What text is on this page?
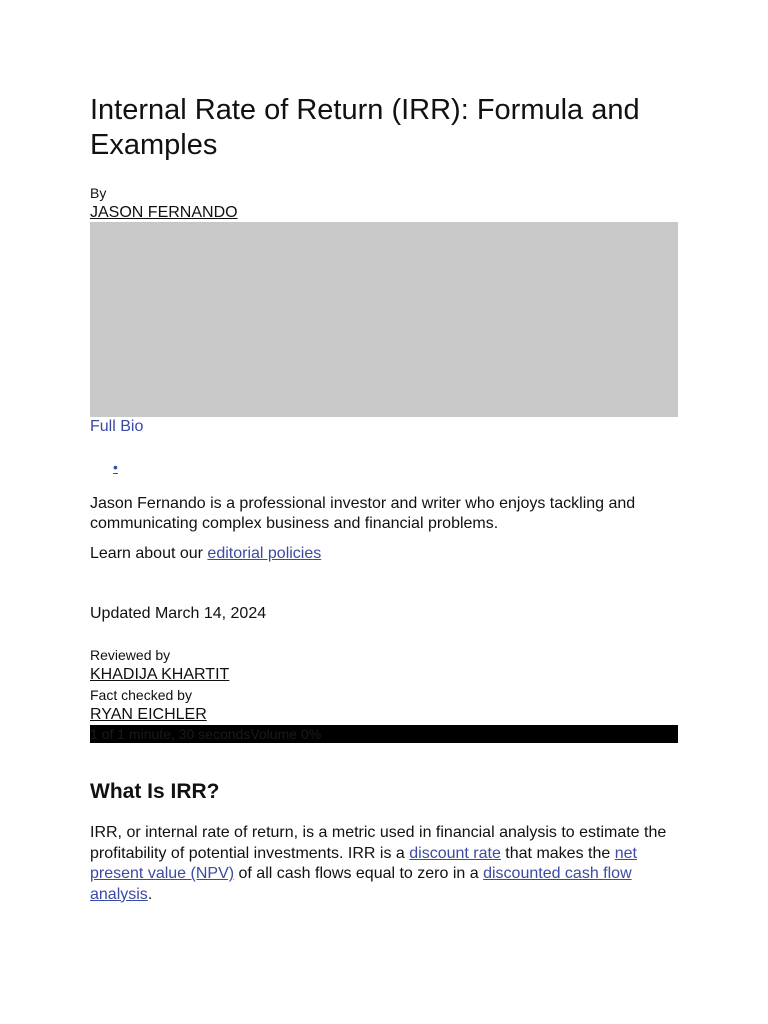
Internal Rate of Return (IRR): Formula and Examples
By
JASON FERNANDO
Full Bio
•

Jason Fernando is a professional investor and writer who enjoys tackling and communicating complex business and financial problems.

Learn about our editorial policies

Updated March 14, 2024

Reviewed by
KHADIJA KHARTIT
Fact checked by
RYAN EICHLER
1 of 1 minute, 30 secondsVolume 0%
What Is IRR?

IRR, or internal rate of return, is a metric used in financial analysis to estimate the profitability of potential investments. IRR is a discount rate that makes the net present value (NPV) of all cash flows equal to zero in a discounted cash flow analysis.
